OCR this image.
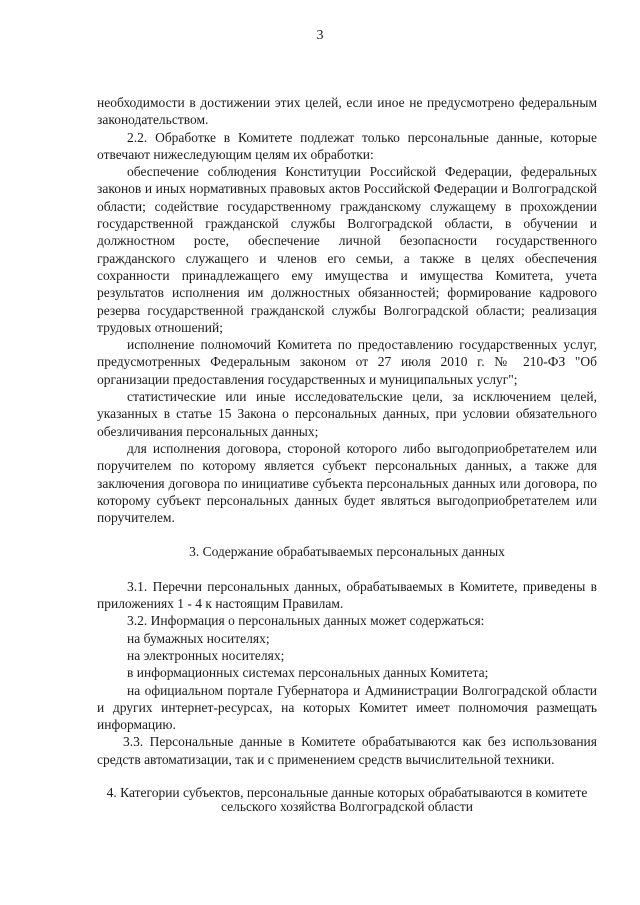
3

необходимости в достижении этих целей, если иное не предусмотрено федеральным законодательством.

2.2. Обработке в Комитете подлежат только персональные данные, которые отвечают нижеследующим целям их обработки:

обеспечение соблюдения Конституции Российской Федерации, федеральных законов и иных нормативных правовых актов Российской Федерации и Волгоградской области; содействие государственному гражданскому служащему в прохождении государственной гражданской службы Волгоградской области, в обучении и должностном росте, обеспечение личной безопасности государственного гражданского служащего и членов его семьи, а также в целях обеспечения сохранности принадлежащего ему имущества и имущества Комитета, учета результатов исполнения им должностных обязанностей; формирование кадрового резерва государственной гражданской службы Волгоградской области; реализация трудовых отношений;

исполнение полномочий Комитета по предоставлению государственных услуг, предусмотренных Федеральным законом от 27 июля 2010 г. № 210-ФЗ "Об организации предоставления государственных и муниципальных услуг";

статистические или иные исследовательские цели, за исключением целей, указанных в статье 15 Закона о персональных данных, при условии обязательного обезличивания персональных данных;

для исполнения договора, стороной которого либо выгодоприобретателем или поручителем по которому является субъект персональных данных, а также для заключения договора по инициативе субъекта персональных данных или договора, по которому субъект персональных данных будет являться выгодоприобретателем или поручителем.

3. Содержание обрабатываемых персональных данных

3.1. Перечни персональных данных, обрабатываемых в Комитете, приведены в приложениях 1 - 4 к настоящим Правилам.

3.2. Информация о персональных данных может содержаться:

на бумажных носителях;

на электронных носителях;

в информационных системах персональных данных Комитета;

на официальном портале Губернатора и Администрации Волгоградской области и других интернет-ресурсах, на которых Комитет имеет полномочия размещать информацию.

3.3. Персональные данные в Комитете обрабатываются как без использования средств автоматизации, так и с применением средств вычислительной техники.

4. Категории субъектов, персональные данные которых обрабатываются в комитете сельского хозяйства Волгоградской области
